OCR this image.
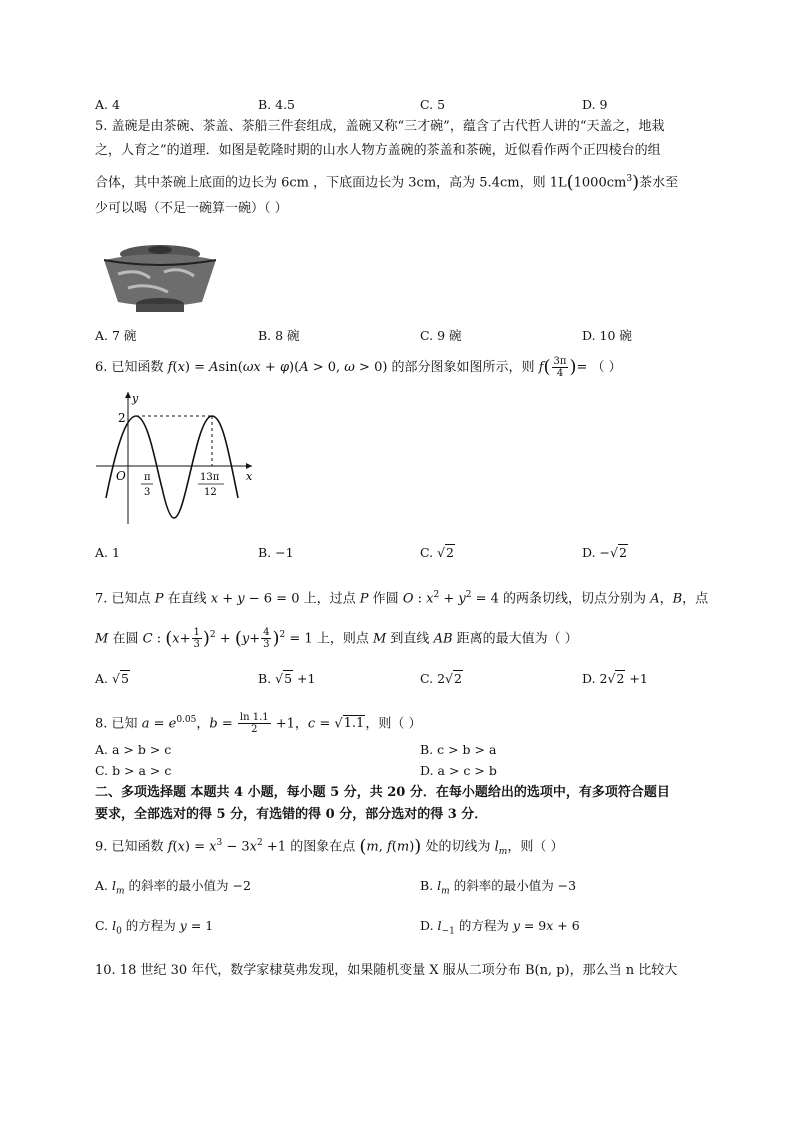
A. 4	B. 4.5	C. 5	D. 9
5. 盖碗是由茶碗、茶盖、茶船三件套组成，盖碗又称“三才碗”，蕴含了古代哲人讲的“天盖之，地栽
之，人育之”的道理．如图是乾隆时期的山水人物方盖碗的茶盖和茶碗，近似看作两个正四棱台的组
合体，其中茶碗上底面的边长为 6cm ，下底面边长为 3cm，高为 5.4cm，则 $1L(1000cm^3)$茶水至
少可以喝（不足一碗算一碗）（ ）
A. 7 碗	B. 8 碗	C. 9 碗	D. 10 碗
6. 已知函数 f(x) = Asin(ωx + φ)(A > 0, ω > 0) 的部分图象如图所示，则 $f( \frac{3\pi}{4}$ )= （ ）
2
y
x
O π
3
13π
12
A. 1	B. −1	C. √2	D. −√2
7. 已知点 P 在直线 x + y − 6 = 0 上，过点 P 作圆 O : $x^2 + y^2 = 4$ 的两条切线，切点分别为 A，B，点
M 在圆 C : $(x+ \frac{1}{3} )^2 + (y+ \frac{4}{3} )^2 = 1$ 上，则点 M 到直线 AB 距离的最大值为（ ）
A. √5	B. √5 +1	C. 2√2	D. 2√2 +1
8. 已知 $a = e^{0.05}$，$b = \frac{\ln 1.1}{2} +1$，c = √1.1，则（ ）
A. a > b > c	B. c > b > a
C. b > a > c	D. a > c > b
二、多项选择题 本题共 4 小题，每小题 5 分，共 20 分．在每小题给出的选项中，有多项符合题目
要求，全部选对的得 5 分，有选错的得 0 分，部分选对的得 3 分．
9. 已知函数 $f(x) = x^3 - 3x^2 +1$ 的图象在点 (m, f(m)) 处的切线为 $l_m$，则（ ）
A. $l_m$ 的斜率的最小值为 −2	B. $l_m$ 的斜率的最小值为 −3
C. $l_0$ 的方程为 y = 1	D. $l_{-1}$ 的方程为 y = 9x + 6
10. 18 世纪 30 年代，数学家棣莫弗发现，如果随机变量 X 服从二项分布 B(n, p)，那么当 n 比较大
